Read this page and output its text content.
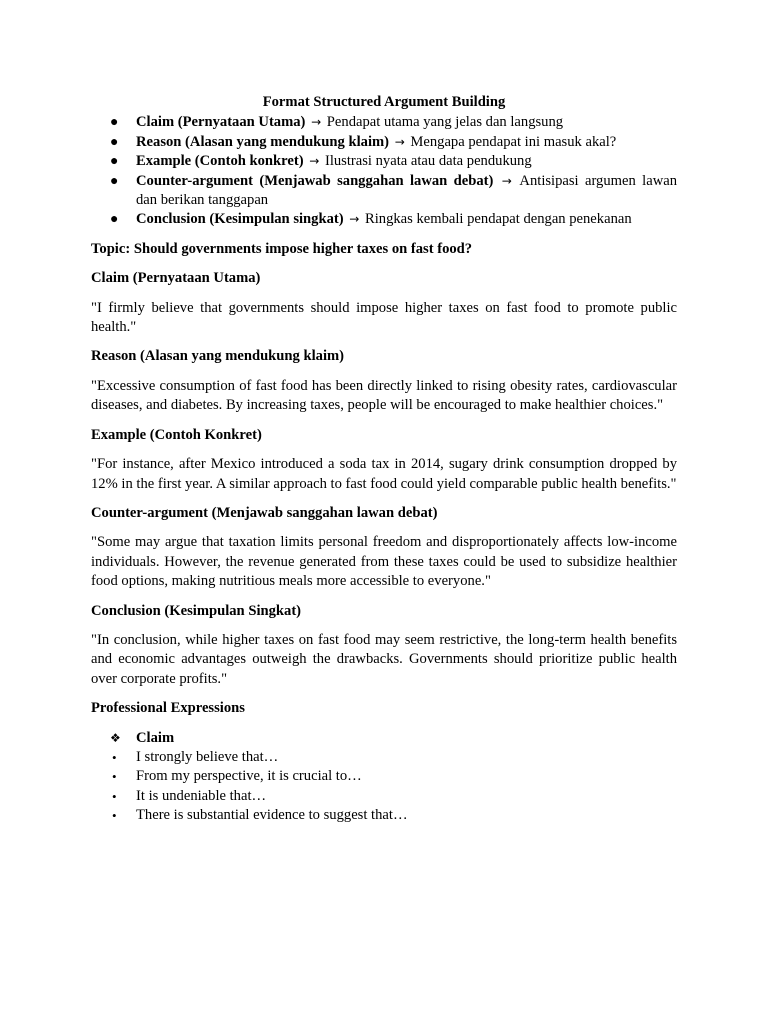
Format Structured Argument Building
● Claim (Pernyataan Utama) → Pendapat utama yang jelas dan langsung
● Reason (Alasan yang mendukung klaim) → Mengapa pendapat ini masuk akal?
● Example (Contoh konkret) → Ilustrasi nyata atau data pendukung
● Counter-argument (Menjawab sanggahan lawan debat) → Antisipasi argumen lawan dan berikan tanggapan
● Conclusion (Kesimpulan singkat) → Ringkas kembali pendapat dengan penekanan
Topic: Should governments impose higher taxes on fast food?
Claim (Pernyataan Utama)

"I firmly believe that governments should impose higher taxes on fast food to promote public health."

Reason (Alasan yang mendukung klaim)

"Excessive consumption of fast food has been directly linked to rising obesity rates, cardiovascular diseases, and diabetes. By increasing taxes, people will be encouraged to make healthier choices."

Example (Contoh Konkret)

"For instance, after Mexico introduced a soda tax in 2014, sugary drink consumption dropped by 12% in the first year. A similar approach to fast food could yield comparable public health benefits."

Counter-argument (Menjawab sanggahan lawan debat)

"Some may argue that taxation limits personal freedom and disproportionately affects low-income individuals. However, the revenue generated from these taxes could be used to subsidize healthier food options, making nutritious meals more accessible to everyone."

Conclusion (Kesimpulan Singkat)

"In conclusion, while higher taxes on fast food may seem restrictive, the long-term health benefits and economic advantages outweigh the drawbacks. Governments should prioritize public health over corporate profits."

Professional Expressions
❖ Claim
• I strongly believe that…
• From my perspective, it is crucial to…
• It is undeniable that…
• There is substantial evidence to suggest that…
